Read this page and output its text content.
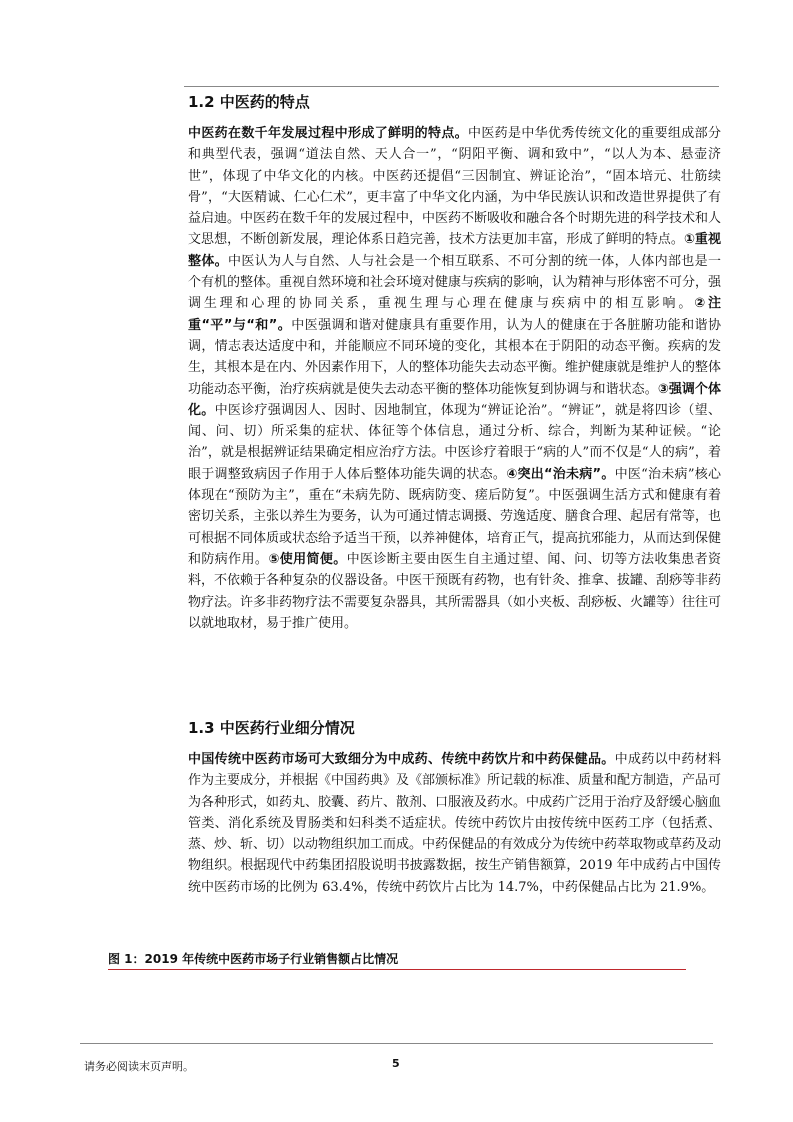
1.2 中医药的特点

中医药在数千年发展过程中形成了鲜明的特点。中医药是中华优秀传统文化的重要组成部分和典型代表，强调“道法自然、天人合一”，“阴阳平衡、调和致中”，“以人为本、悬壶济世”，体现了中华文化的内核。中医药还提倡“三因制宜、辨证论治”，“固本培元、壮筋续骨”，“大医精诚、仁心仁术”，更丰富了中华文化内涵，为中华民族认识和改造世界提供了有益启迪。中医药在数千年的发展过程中，中医药不断吸收和融合各个时期先进的科学技术和人文思想，不断创新发展，理论体系日趋完善，技术方法更加丰富，形成了鲜明的特点。①重视整体。中医认为人与自然、人与社会是一个相互联系、不可分割的统一体，人体内部也是一个有机的整体。重视自然环境和社会环境对健康与疾病的影响，认为精神与形体密不可分，强调生理和心理的协同关系，重视生理与心理在健康与疾病中的相互影响。②注重“平”与“和”。中医强调和谐对健康具有重要作用，认为人的健康在于各脏腑功能和谐协调，情志表达适度中和，并能顺应不同环境的变化，其根本在于阴阳的动态平衡。疾病的发生，其根本是在内、外因素作用下，人的整体功能失去动态平衡。维护健康就是维护人的整体功能动态平衡，治疗疾病就是使失去动态平衡的整体功能恢复到协调与和谐状态。③强调个体化。中医诊疗强调因人、因时、因地制宜，体现为“辨证论治”。“辨证”，就是将四诊（望、闻、问、切）所采集的症状、体征等个体信息，通过分析、综合，判断为某种证候。“论治”，就是根据辨证结果确定相应治疗方法。中医诊疗着眼于“病的人”而不仅是“人的病”，着眼于调整致病因子作用于人体后整体功能失调的状态。④突出“治未病”。中医“治未病”核心体现在“预防为主”，重在“未病先防、既病防变、瘥后防复”。中医强调生活方式和健康有着密切关系，主张以养生为要务，认为可通过情志调摄、劳逸适度、膳食合理、起居有常等，也可根据不同体质或状态给予适当干预，以养神健体，培育正气，提高抗邪能力，从而达到保健和防病作用。⑤使用简便。中医诊断主要由医生自主通过望、闻、问、切等方法收集患者资料，不依赖于各种复杂的仪器设备。中医干预既有药物，也有针灸、推拿、拔罐、刮痧等非药物疗法。许多非药物疗法不需要复杂器具，其所需器具（如小夹板、刮痧板、火罐等）往往可以就地取材，易于推广使用。

1.3 中医药行业细分情况

中国传统中医药市场可大致细分为中成药、传统中药饮片和中药保健品。中成药以中药材料作为主要成分，并根据《中国药典》及《部颁标准》所记载的标准、质量和配方制造，产品可为各种形式，如药丸、胶囊、药片、散剂、口服液及药水。中成药广泛用于治疗及舒缓心脑血管类、消化系统及胃肠类和妇科类不适症状。传统中药饮片由按传统中医药工序（包括煮、蒸、炒、斩、切）以动物组织加工而成。中药保健品的有效成分为传统中药萃取物或草药及动物组织。根据现代中药集团招股说明书披露数据，按生产销售额算，2019 年中成药占中国传统中医药市场的比例为 63.4%，传统中药饮片占比为 14.7%，中药保健品占比为 21.9%。

图 1：2019 年传统中医药市场子行业销售额占比情况
请务必阅读末页声明。	5
